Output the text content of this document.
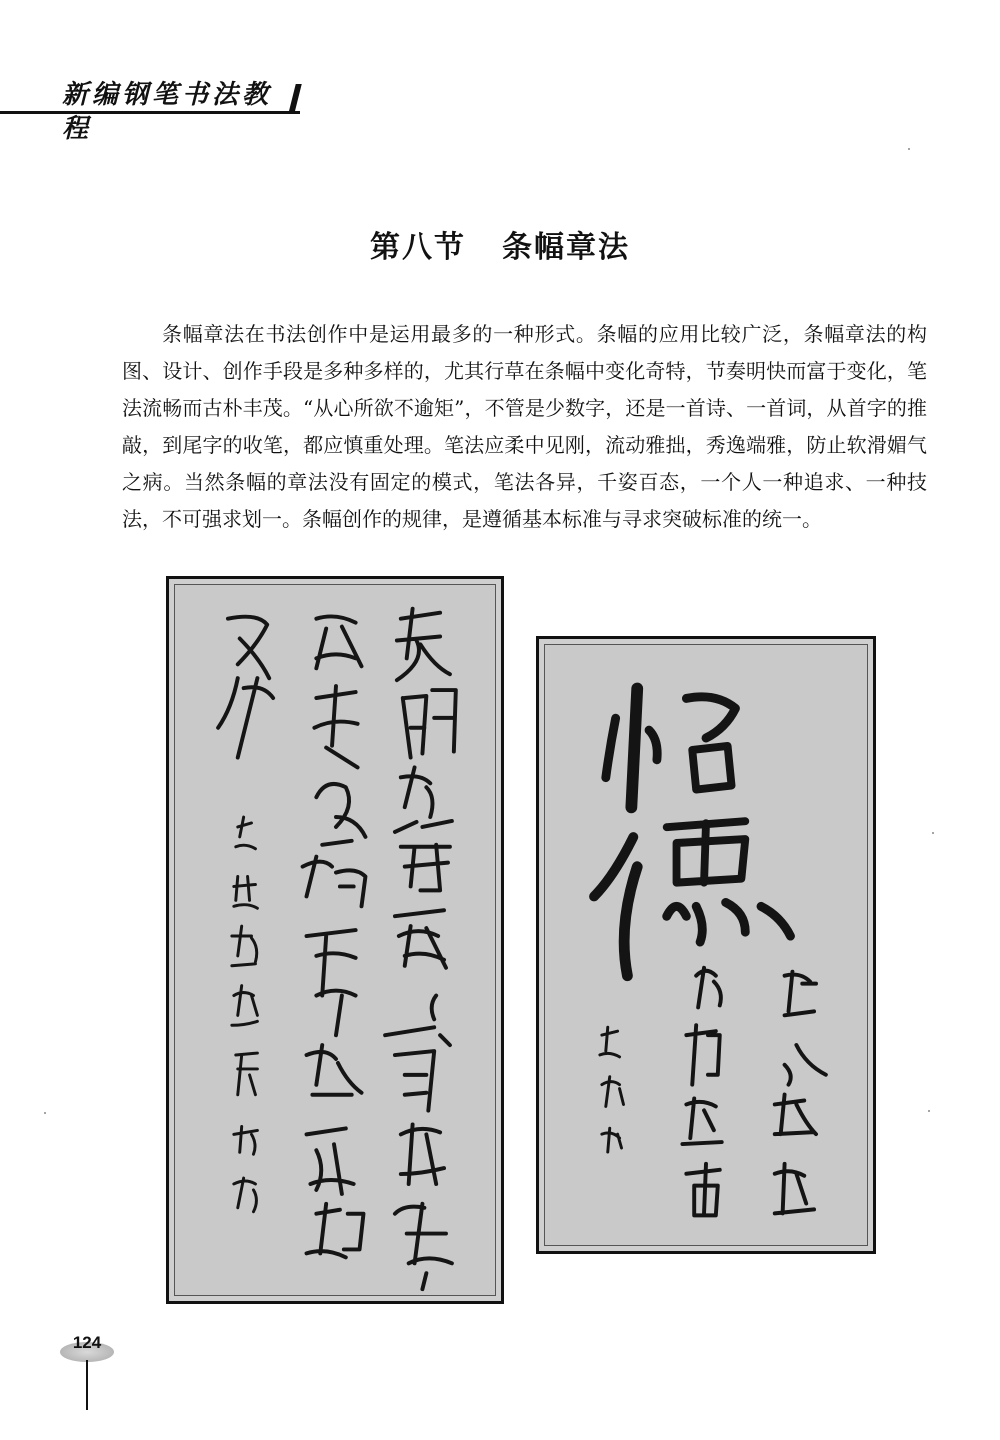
新编钢笔书法教程
第八节 条幅章法
条幅章法在书法创作中是运用最多的一种形式。条幅的应用比较广泛，条幅章法的构图、设计、创作手段是多种多样的，尤其行草在条幅中变化奇特，节奏明快而富于变化，笔法流畅而古朴丰茂。“从心所欲不逾矩”，不管是少数字，还是一首诗、一首词，从首字的推敲，到尾字的收笔，都应慎重处理。笔法应柔中见刚，流动雅拙，秀逸端雅，防止软滑媚气之病。当然条幅的章法没有固定的模式，笔法各异，千姿百态，一个人一种追求、一种技法，不可强求划一。条幅创作的规律，是遵循基本标准与寻求突破标准的统一。
124
